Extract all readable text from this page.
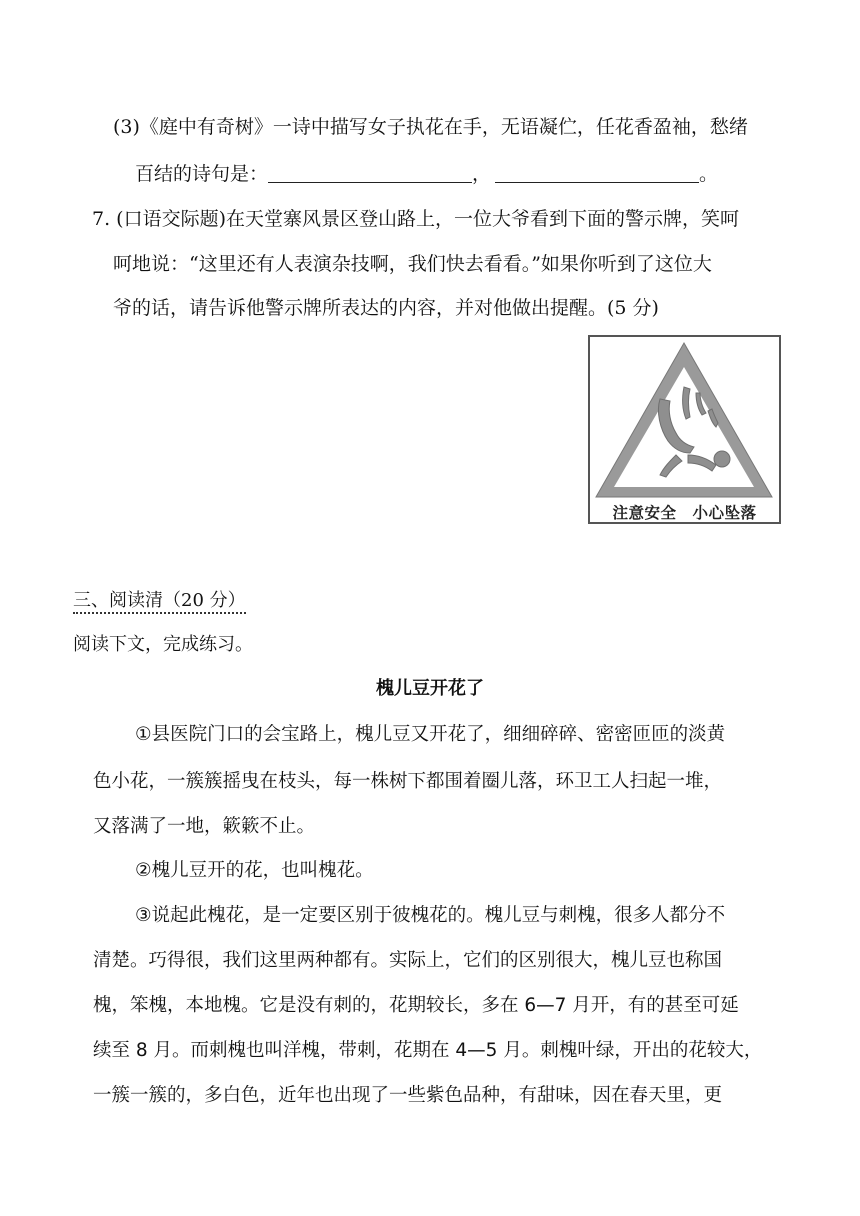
(3)《庭中有奇树》一诗中描写女子执花在手，无语凝伫，任花香盈袖，愁绪
百结的诗句是：	，	。
7. (口语交际题)在天堂寨风景区登山路上，一位大爷看到下面的警示牌，笑呵
呵地说：“这里还有人表演杂技啊，我们快去看看。”如果你听到了这位大
爷的话，请告诉他警示牌所表达的内容，并对他做出提醒。(5 分)
注意安全　小心坠落
三、阅读清（20 分）
阅读下文，完成练习。
槐儿豆开花了
①县医院门口的会宝路上，槐儿豆又开花了，细细碎碎、密密匝匝的淡黄
色小花，一簇簇摇曳在枝头，每一株树下都围着圈儿落，环卫工人扫起一堆，
又落满了一地，簌簌不止。
②槐儿豆开的花，也叫槐花。
③说起此槐花，是一定要区别于彼槐花的。槐儿豆与刺槐，很多人都分不
清楚。巧得很，我们这里两种都有。实际上，它们的区别很大，槐儿豆也称国
槐，笨槐，本地槐。它是没有刺的，花期较长，多在 6—7 月开，有的甚至可延
续至 8 月。而刺槐也叫洋槐，带刺，花期在 4—5 月。刺槐叶绿，开出的花较大，
一簇一簇的，多白色，近年也出现了一些紫色品种，有甜味，因在春天里，更
